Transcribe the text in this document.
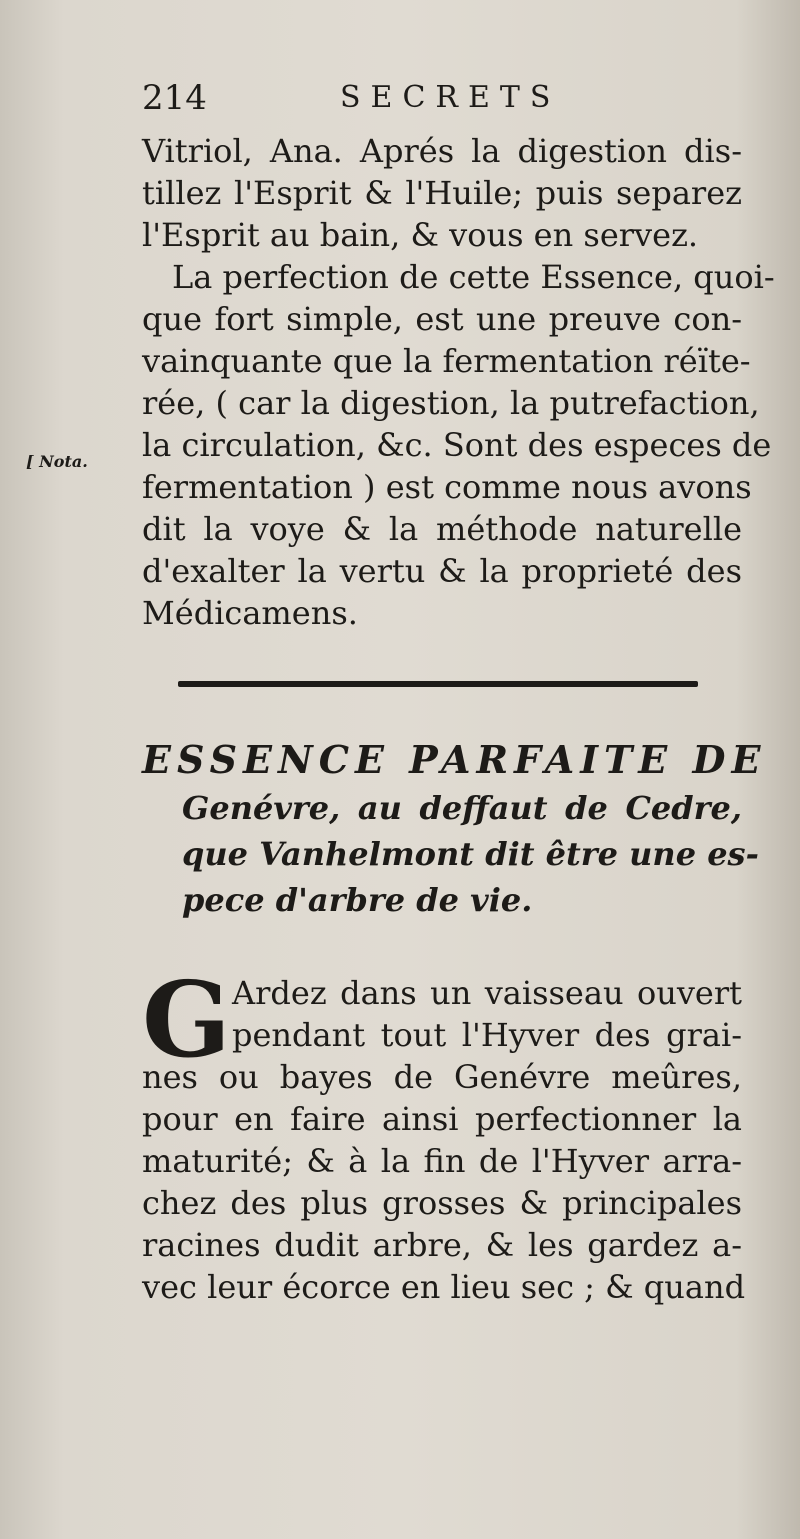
214	SECRETS
Vitriol, Ana. Aprés la digestion dis-
tillez l'Esprit & l'Huile; puis separez
l'Esprit au bain, & vous en servez.
La perfection de cette Essence, quoi-
que fort simple, est une preuve con-
vainquante que la fermentation réïte-
rée, ( car la digestion, la putrefaction,
la circulation, &c. Sont des especes de
fermentation ) est comme nous avons
dit la voye & la méthode naturelle
d'exalter la vertu & la proprieté des
Médicamens.
[ Nota.
ESSENCE PARFAITE DE
Genévre, au deffaut de Cedre,
que Vanhelmont dit être une es-
pece d'arbre de vie.
G Ardez dans un vaisseau ouvert
pendant tout l'Hyver des grai-
nes ou bayes de Genévre meûres,
pour en faire ainsi perfectionner la
maturité; & à la fin de l'Hyver arra-
chez des plus grosses & principales
racines dudit arbre, & les gardez a-
vec leur écorce en lieu sec ; & quand
